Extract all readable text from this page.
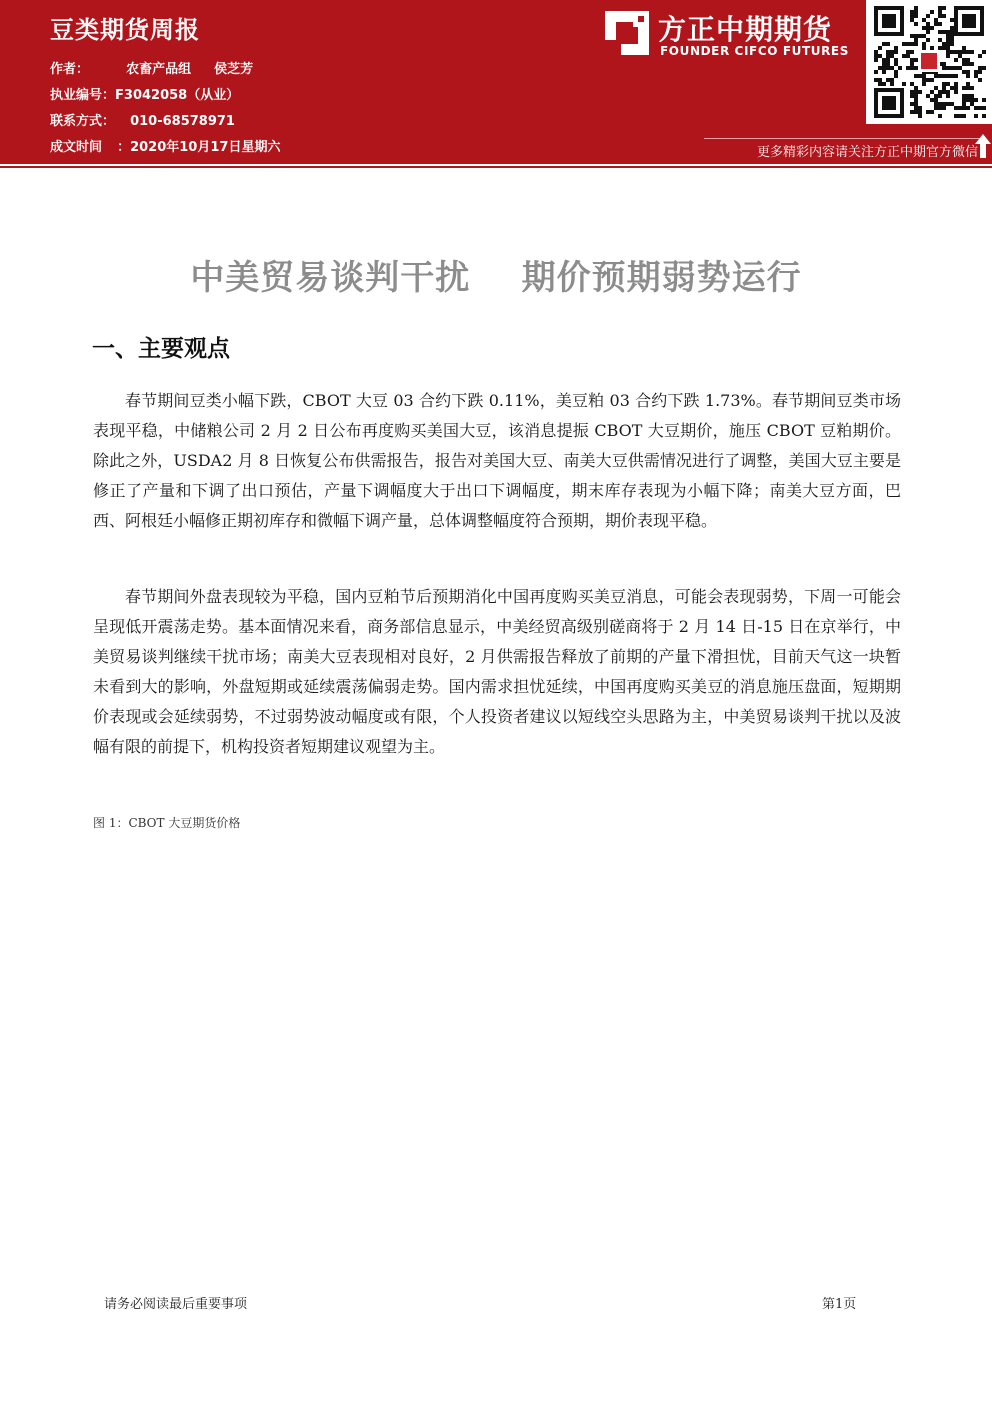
豆类期货周报
作者：	农畜产品组 侯芝芳
执业编号：F3042058（从业）
联系方式： 010-68578971
成文时间 ：2020年10月17日星期六
方正中期期货
FOUNDER CIFCO FUTURES
更多精彩内容请关注方正中期官方微信
中美贸易谈判干扰    期价预期弱势运行
一、主要观点

春节期间豆类小幅下跌，CBOT 大豆 03 合约下跌 0.11%，美豆粕 03 合约下跌 1.73%。春节期间豆类市场表现平稳，中储粮公司 2 月 2 日公布再度购买美国大豆，该消息提振 CBOT 大豆期价，施压 CBOT 豆粕期价。除此之外，USDA2 月 8 日恢复公布供需报告，报告对美国大豆、南美大豆供需情况进行了调整，美国大豆主要是修正了产量和下调了出口预估，产量下调幅度大于出口下调幅度，期末库存表现为小幅下降；南美大豆方面，巴西、阿根廷小幅修正期初库存和微幅下调产量，总体调整幅度符合预期，期价表现平稳。

春节期间外盘表现较为平稳，国内豆粕节后预期消化中国再度购买美豆消息，可能会表现弱势，下周一可能会呈现低开震荡走势。基本面情况来看，商务部信息显示，中美经贸高级别磋商将于 2 月 14 日-15 日在京举行，中美贸易谈判继续干扰市场；南美大豆表现相对良好，2 月供需报告释放了前期的产量下滑担忧，目前天气这一块暂未看到大的影响，外盘短期或延续震荡偏弱走势。国内需求担忧延续，中国再度购买美豆的消息施压盘面，短期期价表现或会延续弱势，不过弱势波动幅度或有限，个人投资者建议以短线空头思路为主，中美贸易谈判干扰以及波幅有限的前提下，机构投资者短期建议观望为主。

图 1：CBOT 大豆期货价格
请务必阅读最后重要事项	第1页
